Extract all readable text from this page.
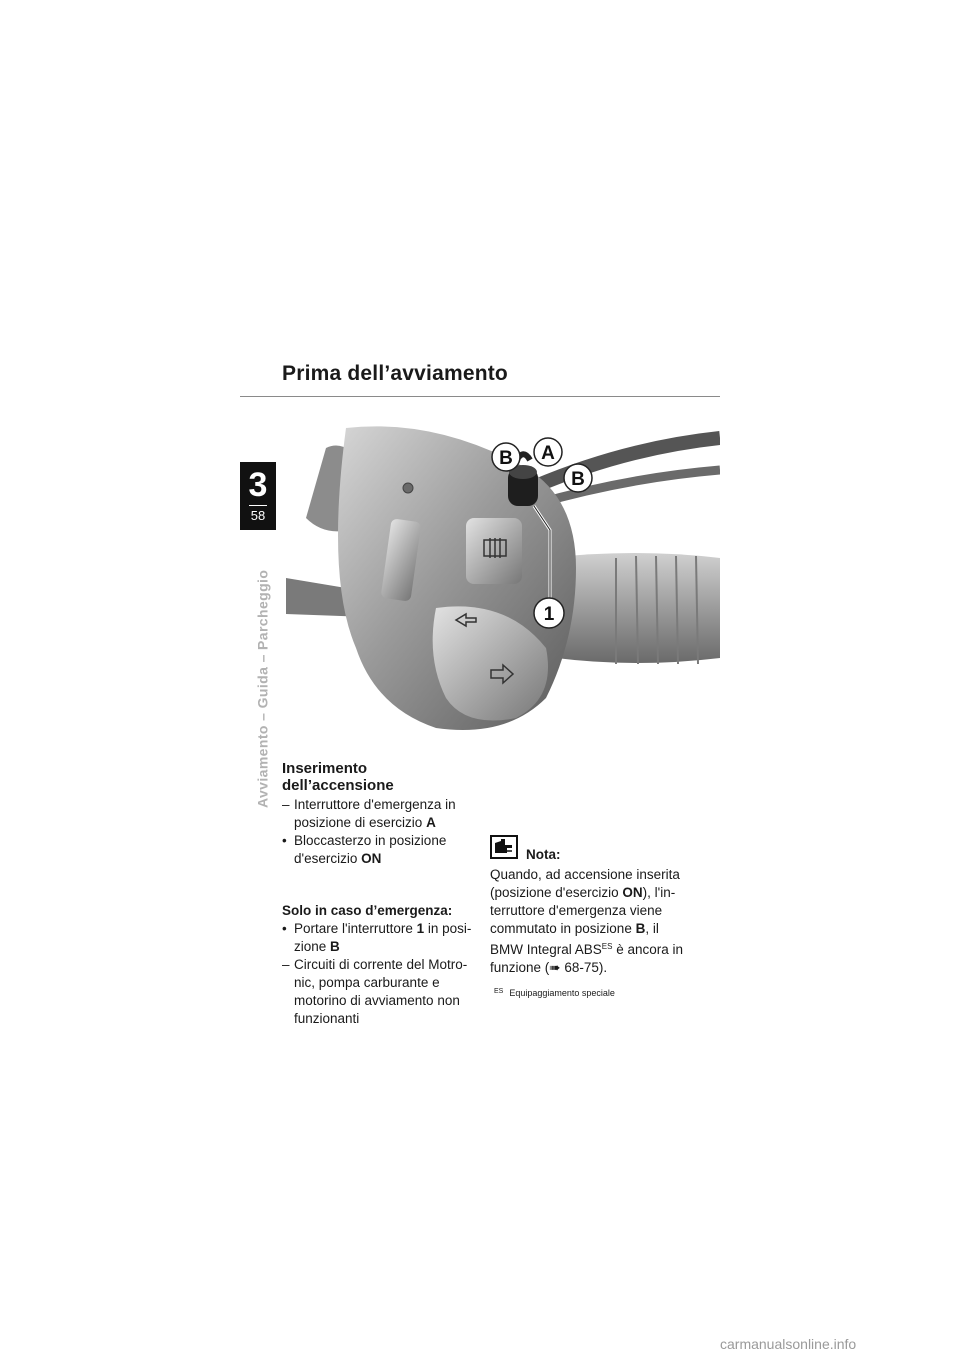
Prima dell’avviamento
3
58
Avviamento – Guida – Parcheggio
B A
B
1
Inserimento
dell’accensione
– Interruttore d'emergenza in posizione di esercizio A
• Bloccasterzo in posizione d'esercizio ON
Solo in caso d’emergenza:
• Portare l'interruttore 1 in posi-zione B
– Circuiti di corrente del Motro-nic, pompa carburante e motorino di avviamento non funzionanti
Nota:
Quando, ad accensione inserita (posizione d'esercizio ON), l'in-terruttore d'emergenza viene commutato in posizione B, il BMW Integral $ABS^{ES}$ è ancora in funzione (➠ 68-75).
$^{ES}$ Equipaggiamento speciale
carmanualsonline.info
